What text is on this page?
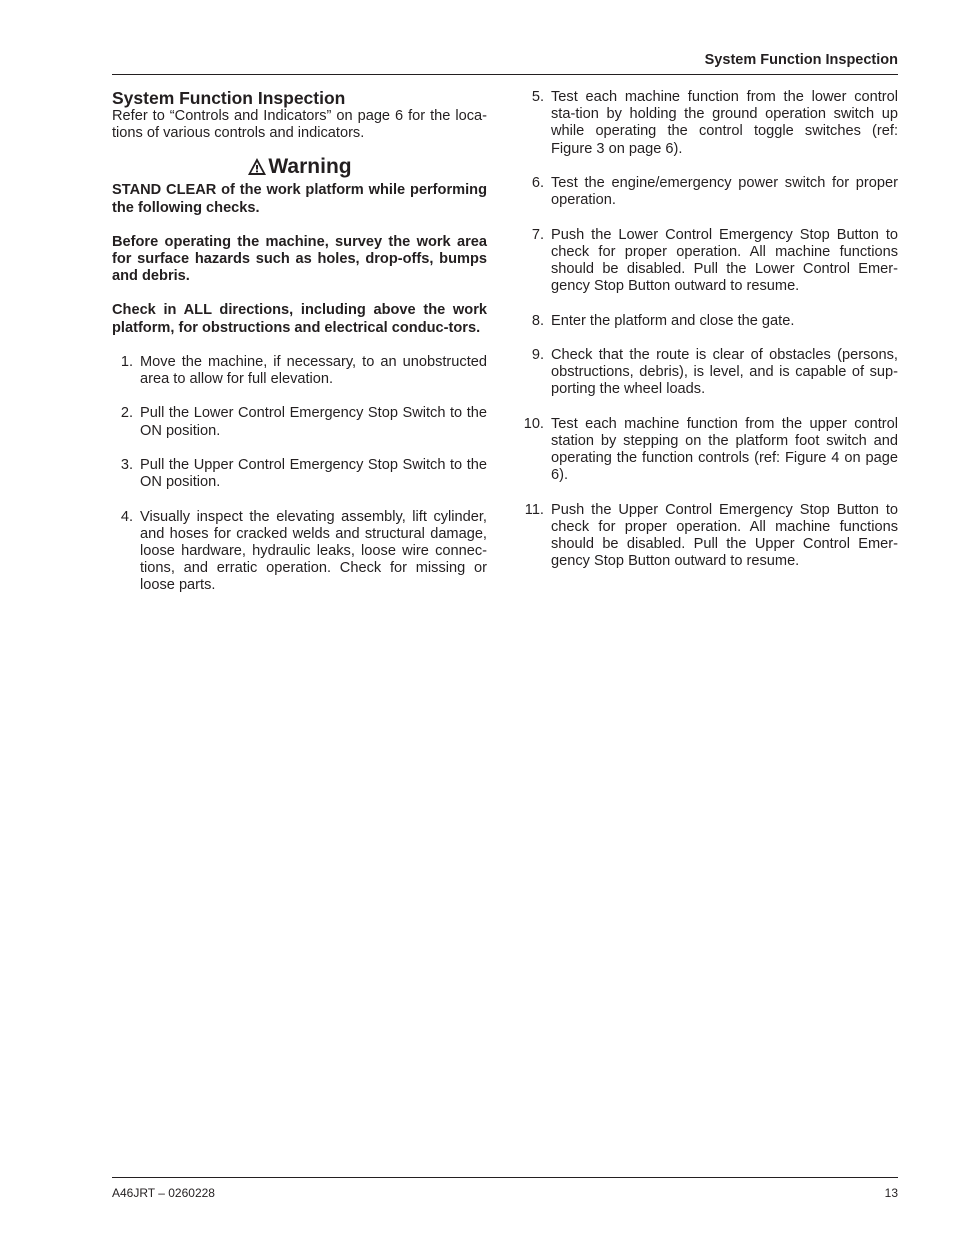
System Function Inspection
System Function Inspection

Refer to “Controls and Indicators” on page 6 for the loca-tions of various controls and indicators.

Warning

STAND CLEAR of the work platform while performing the following checks.

Before operating the machine, survey the work area for surface hazards such as holes, drop-offs, bumps and debris.

Check in ALL directions, including above the work platform, for obstructions and electrical conduc-tors.

1. Move the machine, if necessary, to an unobstructed area to allow for full elevation.
2. Pull the Lower Control Emergency Stop Switch to the ON position.
3. Pull the Upper Control Emergency Stop Switch to the ON position.
4. Visually inspect the elevating assembly, lift cylinder, and hoses for cracked welds and structural damage, loose hardware, hydraulic leaks, loose wire connec-tions, and erratic operation. Check for missing or loose parts.
5. Test each machine function from the lower control sta-tion by holding the ground operation switch up while operating the control toggle switches (ref: Figure 3 on page 6).
6. Test the engine/emergency power switch for proper operation.
7. Push the Lower Control Emergency Stop Button to check for proper operation. All machine functions should be disabled. Pull the Lower Control Emer-gency Stop Button outward to resume.
8. Enter the platform and close the gate.
9. Check that the route is clear of obstacles (persons, obstructions, debris), is level, and is capable of sup-porting the wheel loads.
10. Test each machine function from the upper control station by stepping on the platform foot switch and operating the function controls (ref: Figure 4 on page 6).
11. Push the Upper Control Emergency Stop Button to check for proper operation. All machine functions should be disabled. Pull the Upper Control Emer-gency Stop Button outward to resume.
A46JRT – 0260228	13
